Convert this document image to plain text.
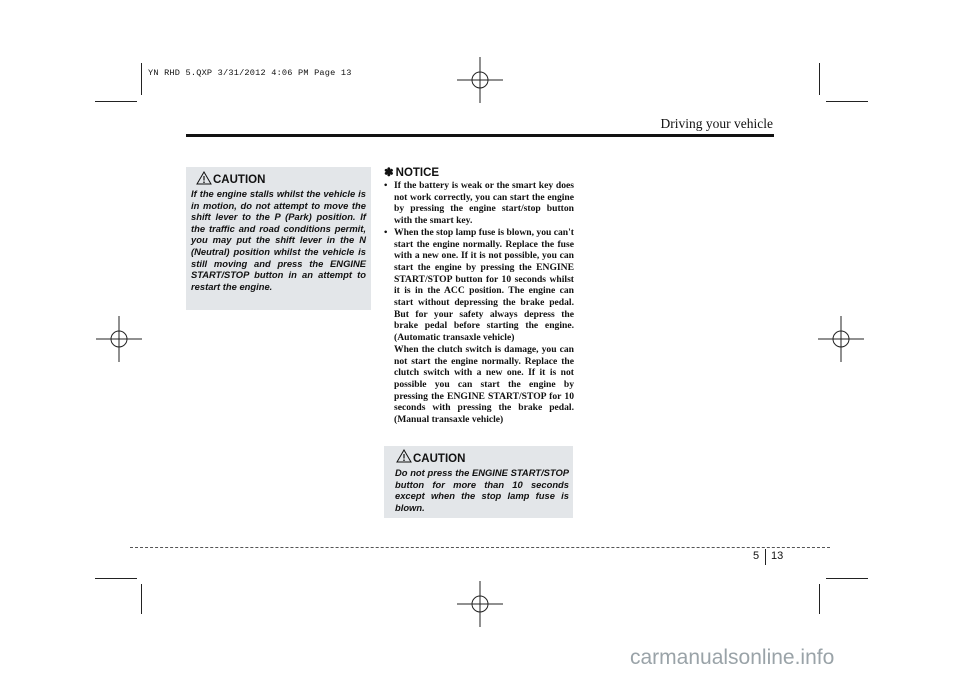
YN RHD 5.QXP 3/31/2012 4:06 PM Page 13
Driving your vehicle
CAUTION
If the engine stalls whilst the vehicle is in motion, do not attempt to move the shift lever to the P (Park) position. If the traffic and road conditions permit, you may put the shift lever in the N (Neutral) position whilst the vehicle is still moving and press the ENGINE START/STOP button in an attempt to restart the engine.
✽ NOTICE
• If the battery is weak or the smart key does not work correctly, you can start the engine by pressing the engine start/stop button with the smart key.

• When the stop lamp fuse is blown, you can't start the engine normally. Replace the fuse with a new one. If it is not possible, you can start the engine by pressing the ENGINE START/STOP button for 10 seconds whilst it is in the ACC position. The engine can start without depressing the brake pedal. But for your safety always depress the brake pedal before starting the engine. (Automatic transaxle vehicle)

When the clutch switch is damage, you can not start the engine normally. Replace the clutch switch with a new one. If it is not possible you can start the engine by pressing the ENGINE START/STOP for 10 seconds with pressing the brake pedal. (Manual transaxle vehicle)

CAUTION
Do not press the ENGINE START/STOP button for more than 10 seconds except when the stop lamp fuse is blown.
5 13
carmanualsonline.info
